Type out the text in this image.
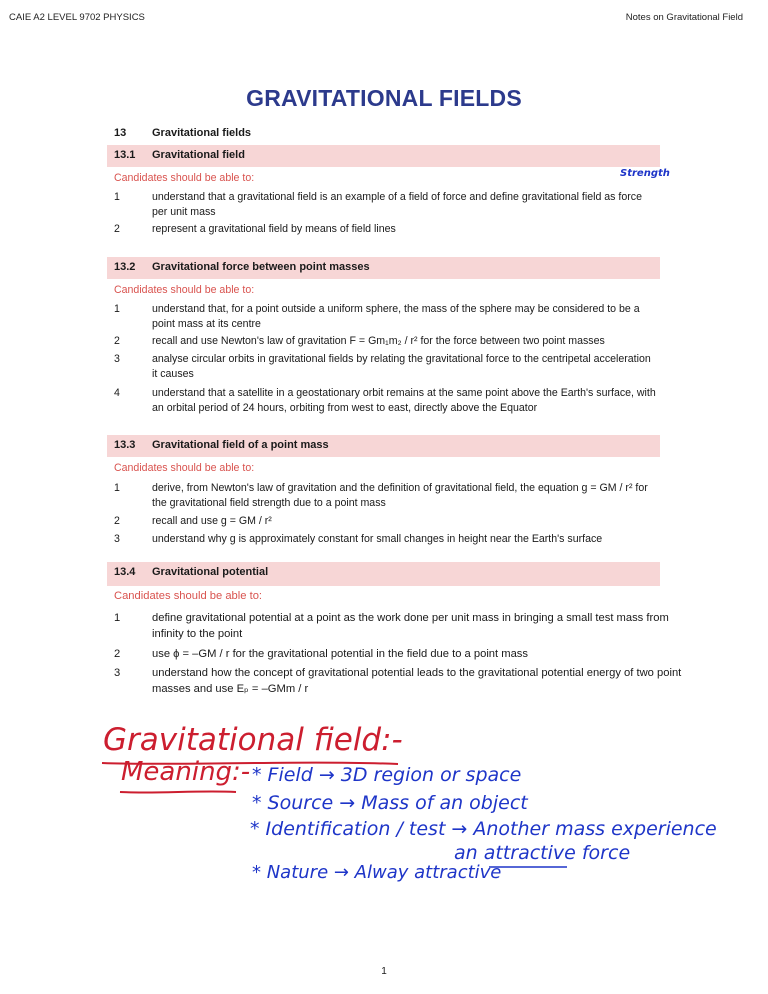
CAIE A2 LEVEL 9702 PHYSICS	Notes on Gravitational Field
GRAVITATIONAL FIELDS
13 Gravitational fields
13.1 Gravitational field
Candidates should be able to:	Strength
1	understand that a gravitational field is an example of a field of force and define gravitational field as force per unit mass
2	represent a gravitational field by means of field lines
13.2 Gravitational force between point masses
Candidates should be able to:
1	understand that, for a point outside a uniform sphere, the mass of the sphere may be considered to be a point mass at its centre
2	recall and use Newton's law of gravitation F = Gm₁m₂ / r² for the force between two point masses
3	analyse circular orbits in gravitational fields by relating the gravitational force to the centripetal acceleration it causes
4	understand that a satellite in a geostationary orbit remains at the same point above the Earth's surface, with an orbital period of 24 hours, orbiting from west to east, directly above the Equator
13.3 Gravitational field of a point mass
Candidates should be able to:
1	derive, from Newton's law of gravitation and the definition of gravitational field, the equation g = GM / r² for the gravitational field strength due to a point mass
2	recall and use g = GM / r²
3	understand why g is approximately constant for small changes in height near the Earth's surface
13.4 Gravitational potential
Candidates should be able to:
1	define gravitational potential at a point as the work done per unit mass in bringing a small test mass from infinity to the point
2	use ϕ = –GM / r for the gravitational potential in the field due to a point mass
3	understand how the concept of gravitational potential leads to the gravitational potential energy of two point masses and use Eₚ = –GMm / r
Gravitational field:-
Meaning:- * Field → 3D region or space
* Source → Mass of an object
* Identification / test → Another mass experience
an attractive force
* Nature → Alway attractive
1
